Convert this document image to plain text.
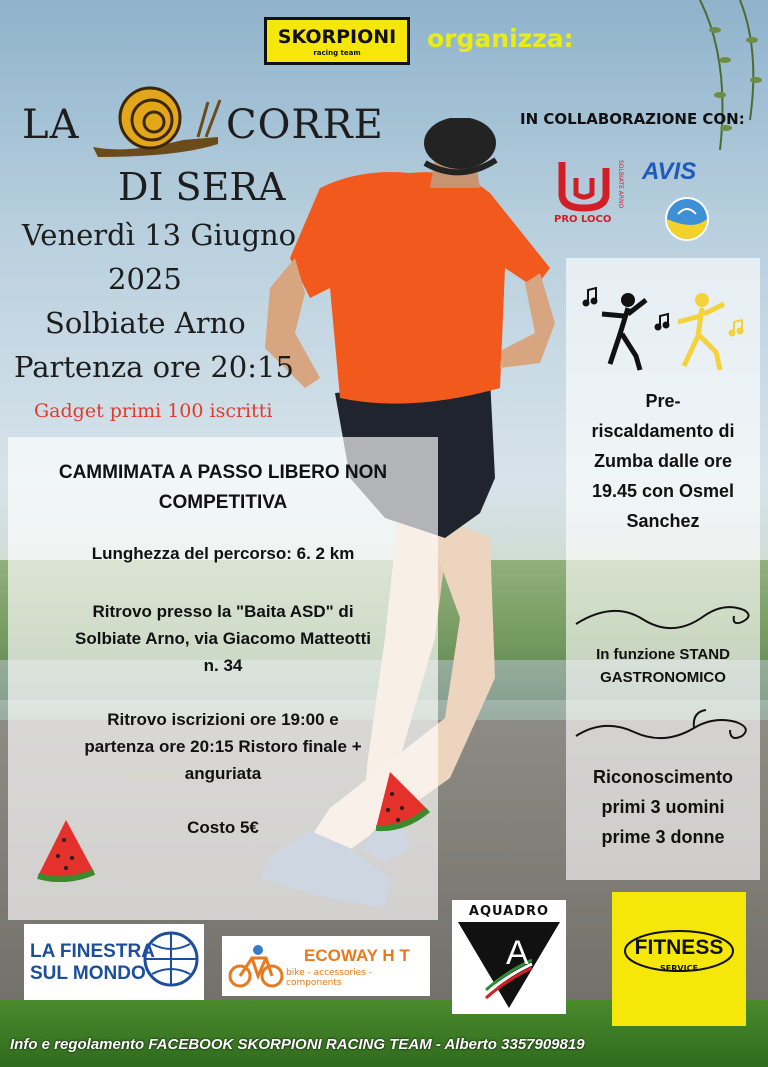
SKORPIONI
racing team	organizza:
LA	CORRE
DI SERA
Venerdì 13 Giugno
2025
Solbiate Arno
Partenza ore 20:15
Gadget primi 100 iscritti
IN COLLABORAZIONE CON:
PRO LOCO
SOLBIATE ARNO AVIS
CAMMIMATA A PASSO LIBERO NON COMPETITIVA
Lunghezza del percorso: 6. 2 km
Ritrovo presso la "Baita ASD" di Solbiate Arno, via Giacomo Matteotti n. 34
Ritrovo iscrizioni ore 19:00 e partenza ore 20:15 Ristoro finale + anguriata
Costo 5€
Pre-riscaldamento di Zumba dalle ore 19.45 con Osmel Sanchez
In funzione STAND GASTRONOMICO
Riconoscimento primi 3 uomini prime 3 donne
LA FINESTRA SUL MONDO
ECOWAY H T
bike - accessories - components
AQUADRO
A	FITNESS
SERVICE
Info e regolamento FACEBOOK SKORPIONI RACING TEAM - Alberto 3357909819
